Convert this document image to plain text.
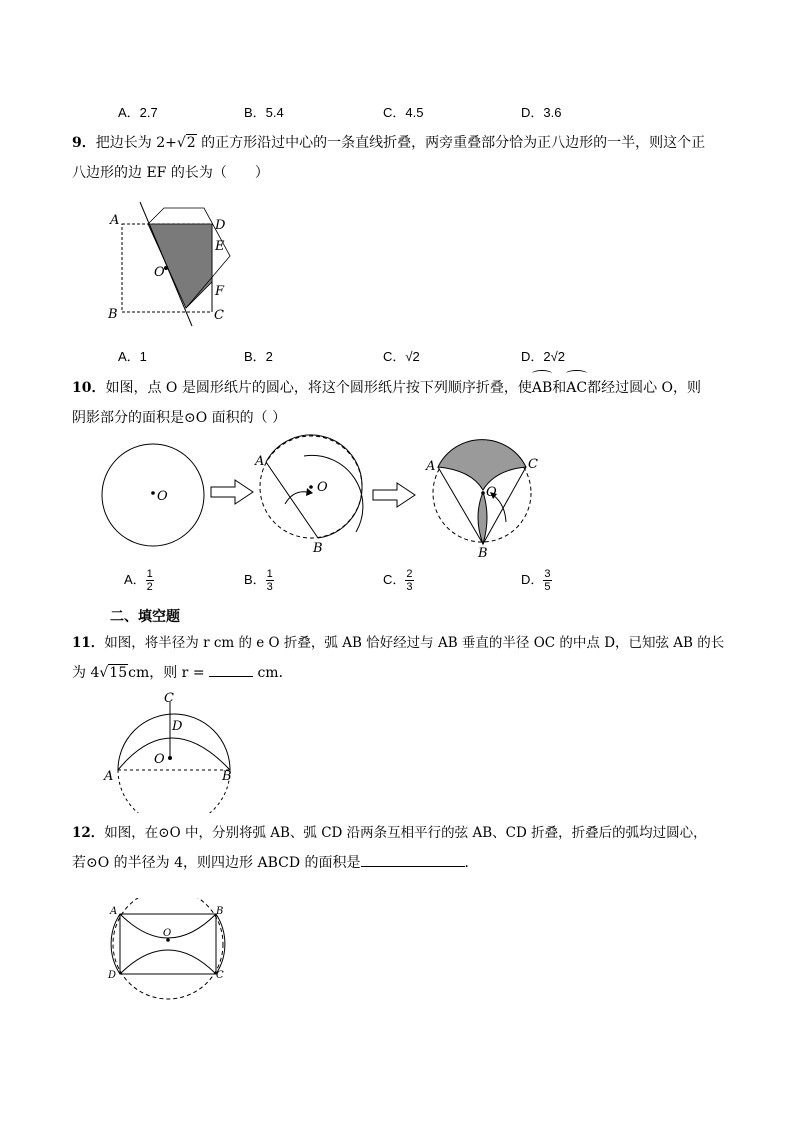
A．2.7	B．5.4	C．4.5	D．3.6
9．把边长为 2+√2 的正方形沿过中心的一条直线折叠，两旁重叠部分恰为正八边形的一半，则这个正
八边形的边 EF 的长为（　　）
A	D
E
O
F
B	C
A．1	B．2	C．√2	D．2√2
10．如图，点 O 是圆形纸片的圆心，将这个圆形纸片按下列顺序折叠，使AB和AC都经过圆心 O，则
阴影部分的面积是⊙O 面积的（ ）
O
O
A
B
O
A	C
B
A． $\frac{1}{2}$	B． $\frac{1}{3}$	C． $\frac{2}{3}$	D． $\frac{3}{5}$
二、填空题
11．如图，将半径为 r cm 的 e O 折叠，弧 AB 恰好经过与 AB 垂直的半径 OC 的中点 D，已知弦 AB 的长
为 4√15cm，则 r =	cm．
C
D
O
A	B
12．如图，在⊙O 中，分别将弧 AB、弧 CD 沿两条互相平行的弦 AB、CD 折叠，折叠后的弧均过圆心，
若⊙O 的半径为 4，则四边形 ABCD 的面积是	．
O
A	B
D	C
